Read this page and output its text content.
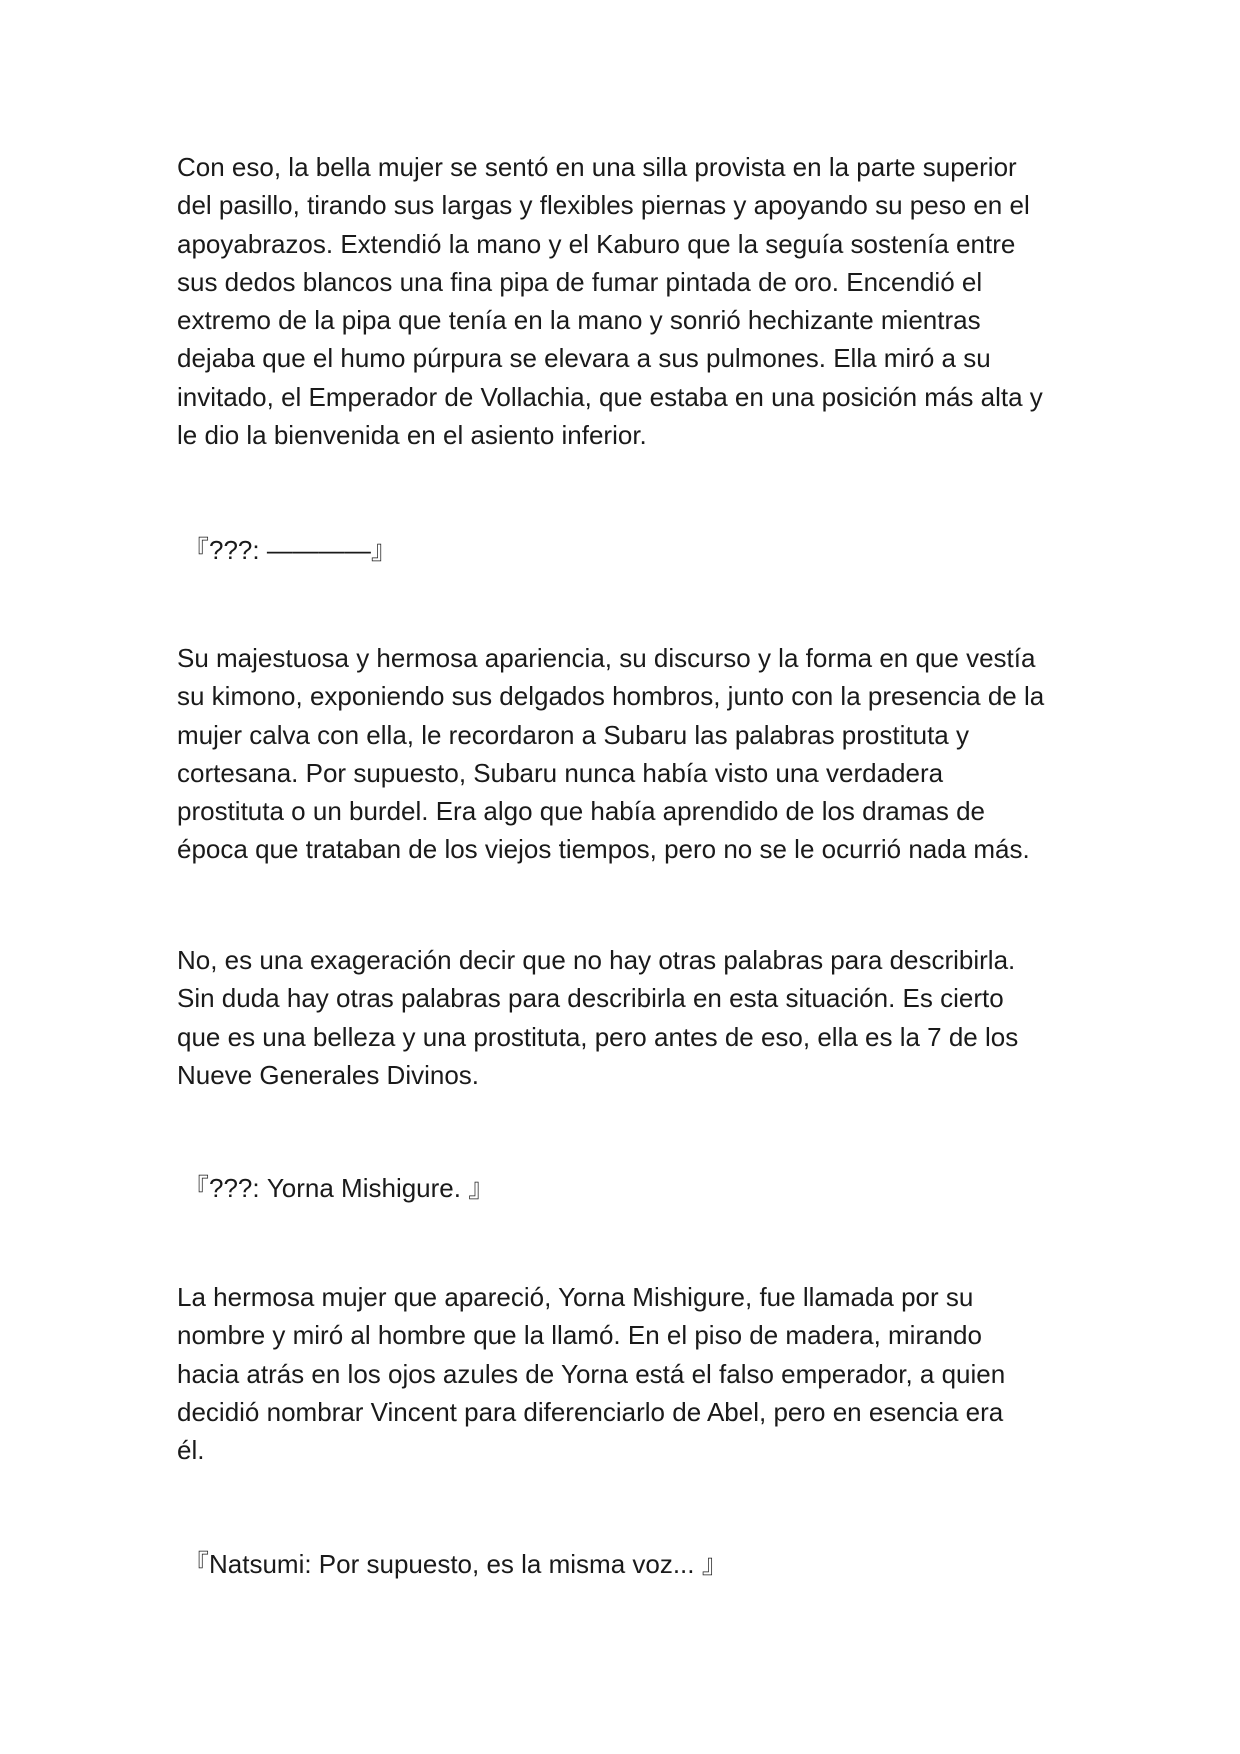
Con eso, la bella mujer se sentó en una silla provista en la parte superior
del pasillo, tirando sus largas y flexibles piernas y apoyando su peso en el
apoyabrazos. Extendió la mano y el Kaburo que la seguía sostenía entre
sus dedos blancos una fina pipa de fumar pintada de oro. Encendió el
extremo de la pipa que tenía en la mano y sonrió hechizante mientras
dejaba que el humo púrpura se elevara a sus pulmones. Ella miró a su
invitado, el Emperador de Vollachia, que estaba en una posición más alta y
le dio la bienvenida en el asiento inferior.

『???: ————』

Su majestuosa y hermosa apariencia, su discurso y la forma en que vestía
su kimono, exponiendo sus delgados hombros, junto con la presencia de la
mujer calva con ella, le recordaron a Subaru las palabras prostituta y
cortesana. Por supuesto, Subaru nunca había visto una verdadera
prostituta o un burdel. Era algo que había aprendido de los dramas de
época que trataban de los viejos tiempos, pero no se le ocurrió nada más.

No, es una exageración decir que no hay otras palabras para describirla.
Sin duda hay otras palabras para describirla en esta situación. Es cierto
que es una belleza y una prostituta, pero antes de eso, ella es la 7 de los
Nueve Generales Divinos.

『???: Yorna Mishigure. 』

La hermosa mujer que apareció, Yorna Mishigure, fue llamada por su
nombre y miró al hombre que la llamó. En el piso de madera, mirando
hacia atrás en los ojos azules de Yorna está el falso emperador, a quien
decidió nombrar Vincent para diferenciarlo de Abel, pero en esencia era
él.

『Natsumi: Por supuesto, es la misma voz... 』
